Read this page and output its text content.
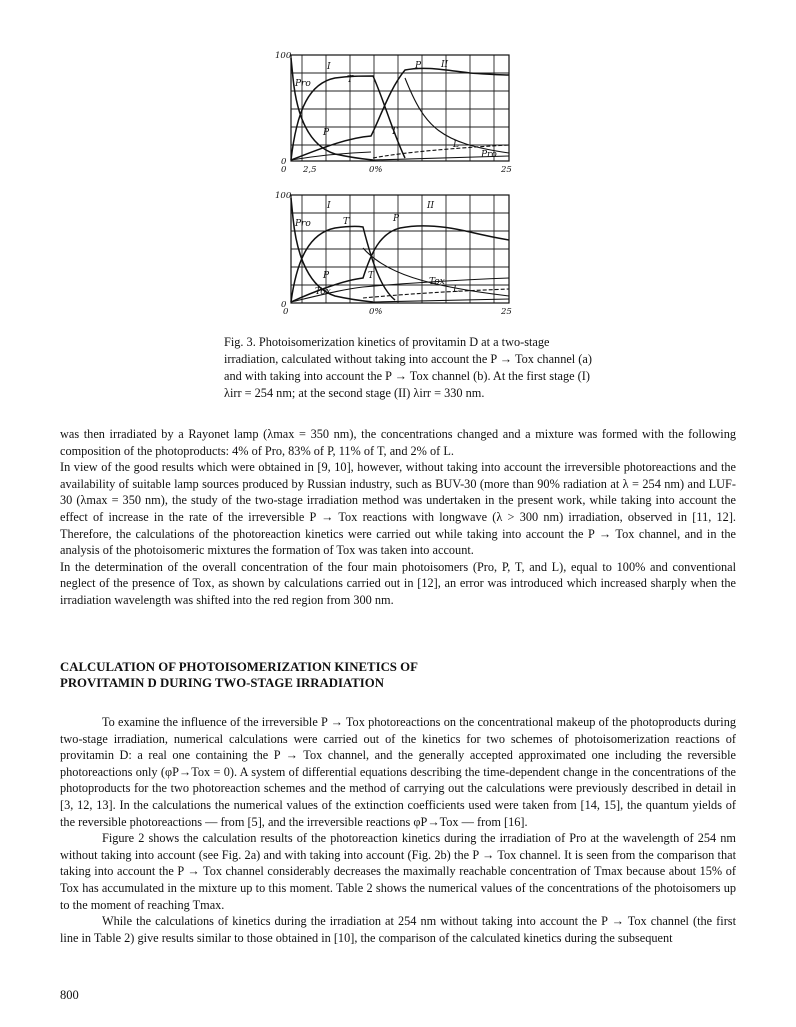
100
0
Pro	T
P	T
L
Pro
P
I	II
0 2,5	0%	25
100
0
Pro	T	P
P	T
Tox
Tox	L
I	II
0	0%	25
Fig. 3. Photoisomerization kinetics of provitamin D at a two-stage irradiation, calculated without taking into account the P → Tox channel (a) and with taking into account the P → Tox channel (b). At the first stage (I) λirr = 254 nm; at the second stage (II) λirr = 330 nm.

was then irradiated by a Rayonet lamp (λmax = 350 nm), the concentrations changed and a mixture was formed with the following composition of the photoproducts: 4% of Pro, 83% of P, 11% of T, and 2% of L.

In view of the good results which were obtained in [9, 10], however, without taking into account the irreversible photoreactions and the availability of suitable lamp sources produced by Russian industry, such as BUV-30 (more than 90% radiation at λ = 254 nm) and LUF-30 (λmax = 350 nm), the study of the two-stage irradiation method was undertaken in the present work, while taking into account the effect of increase in the rate of the irreversible P → Tox reactions with longwave (λ > 300 nm) irradiation, observed in [11, 12]. Therefore, the calculations of the photoreaction kinetics were carried out while taking into account the P → Tox channel, and in the analysis of the photoisomeric mixtures the formation of Tox was taken into account.

In the determination of the overall concentration of the four main photoisomers (Pro, P, T, and L), equal to 100% and conventional neglect of the presence of Tox, as shown by calculations carried out in [12], an error was introduced which increased sharply when the irradiation wavelength was shifted into the red region from 300 nm.

CALCULATION OF PHOTOISOMERIZATION KINETICS OF
PROVITAMIN D DURING TWO-STAGE IRRADIATION

To examine the influence of the irreversible P → Tox photoreactions on the concentrational makeup of the photoproducts during two-stage irradiation, numerical calculations were carried out of the kinetics for two schemes of photoisomerization reactions of provitamin D: a real one containing the P → Tox channel, and the generally accepted approximated one including the reversible photoreactions only (φP→Tox = 0). A system of differential equations describing the time-dependent change in the concentrations of the photoproducts for the two photoreaction schemes and the method of carrying out the calculations were previously described in detail in [3, 12, 13]. In the calculations the numerical values of the extinction coefficients used were taken from [14, 15], the quantum yields of the reversible photoreactions — from [5], and the irreversible reactions φP→Tox — from [16].

Figure 2 shows the calculation results of the photoreaction kinetics during the irradiation of Pro at the wavelength of 254 nm without taking into account (see Fig. 2a) and with taking into account (Fig. 2b) the P → Tox channel. It is seen from the comparison that taking into account the P → Tox channel considerably decreases the maximally reachable concentration of Tmax because about 15% of Tox has accumulated in the mixture up to this moment. Table 2 shows the numerical values of the concentrations of the photoisomers up to the moment of reaching Tmax.

While the calculations of kinetics during the irradiation at 254 nm without taking into account the P → Tox channel (the first line in Table 2) give results similar to those obtained in [10], the comparison of the calculated kinetics during the subsequent

800
